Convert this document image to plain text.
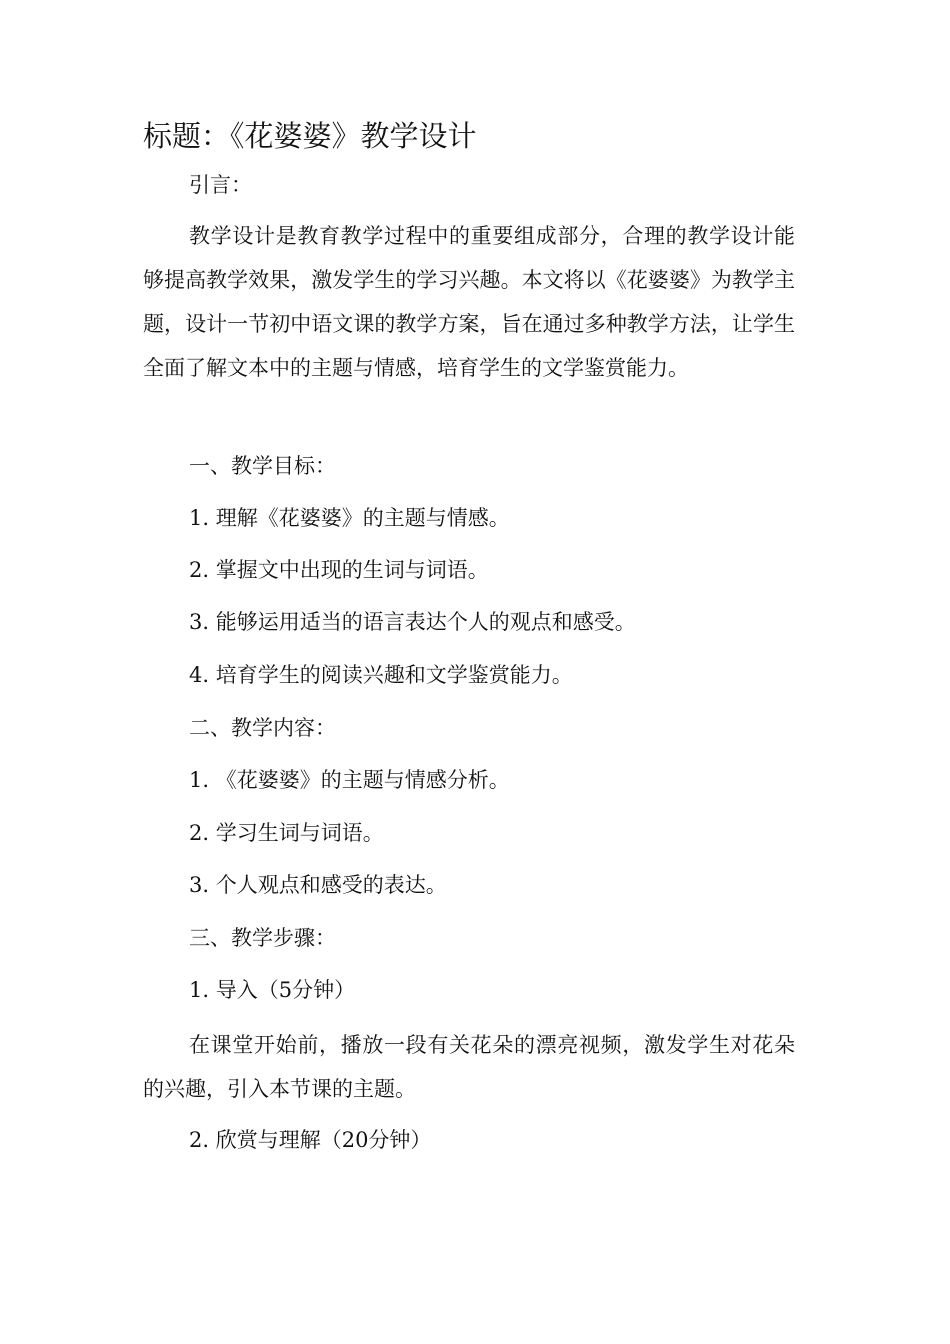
标题：《花婆婆》教学设计

引言：

教学设计是教育教学过程中的重要组成部分，合理的教学设计能够提高教学效果，激发学生的学习兴趣。本文将以《花婆婆》为教学主题，设计一节初中语文课的教学方案，旨在通过多种教学方法，让学生全面了解文本中的主题与情感，培育学生的文学鉴赏能力。

一、教学目标：

1. 理解《花婆婆》的主题与情感。

2. 掌握文中出现的生词与词语。

3. 能够运用适当的语言表达个人的观点和感受。

4. 培育学生的阅读兴趣和文学鉴赏能力。

二、教学内容：

1. 《花婆婆》的主题与情感分析。

2. 学习生词与词语。

3. 个人观点和感受的表达。

三、教学步骤：

1. 导入（5分钟）

在课堂开始前，播放一段有关花朵的漂亮视频，激发学生对花朵的兴趣，引入本节课的主题。

2. 欣赏与理解（20分钟）
